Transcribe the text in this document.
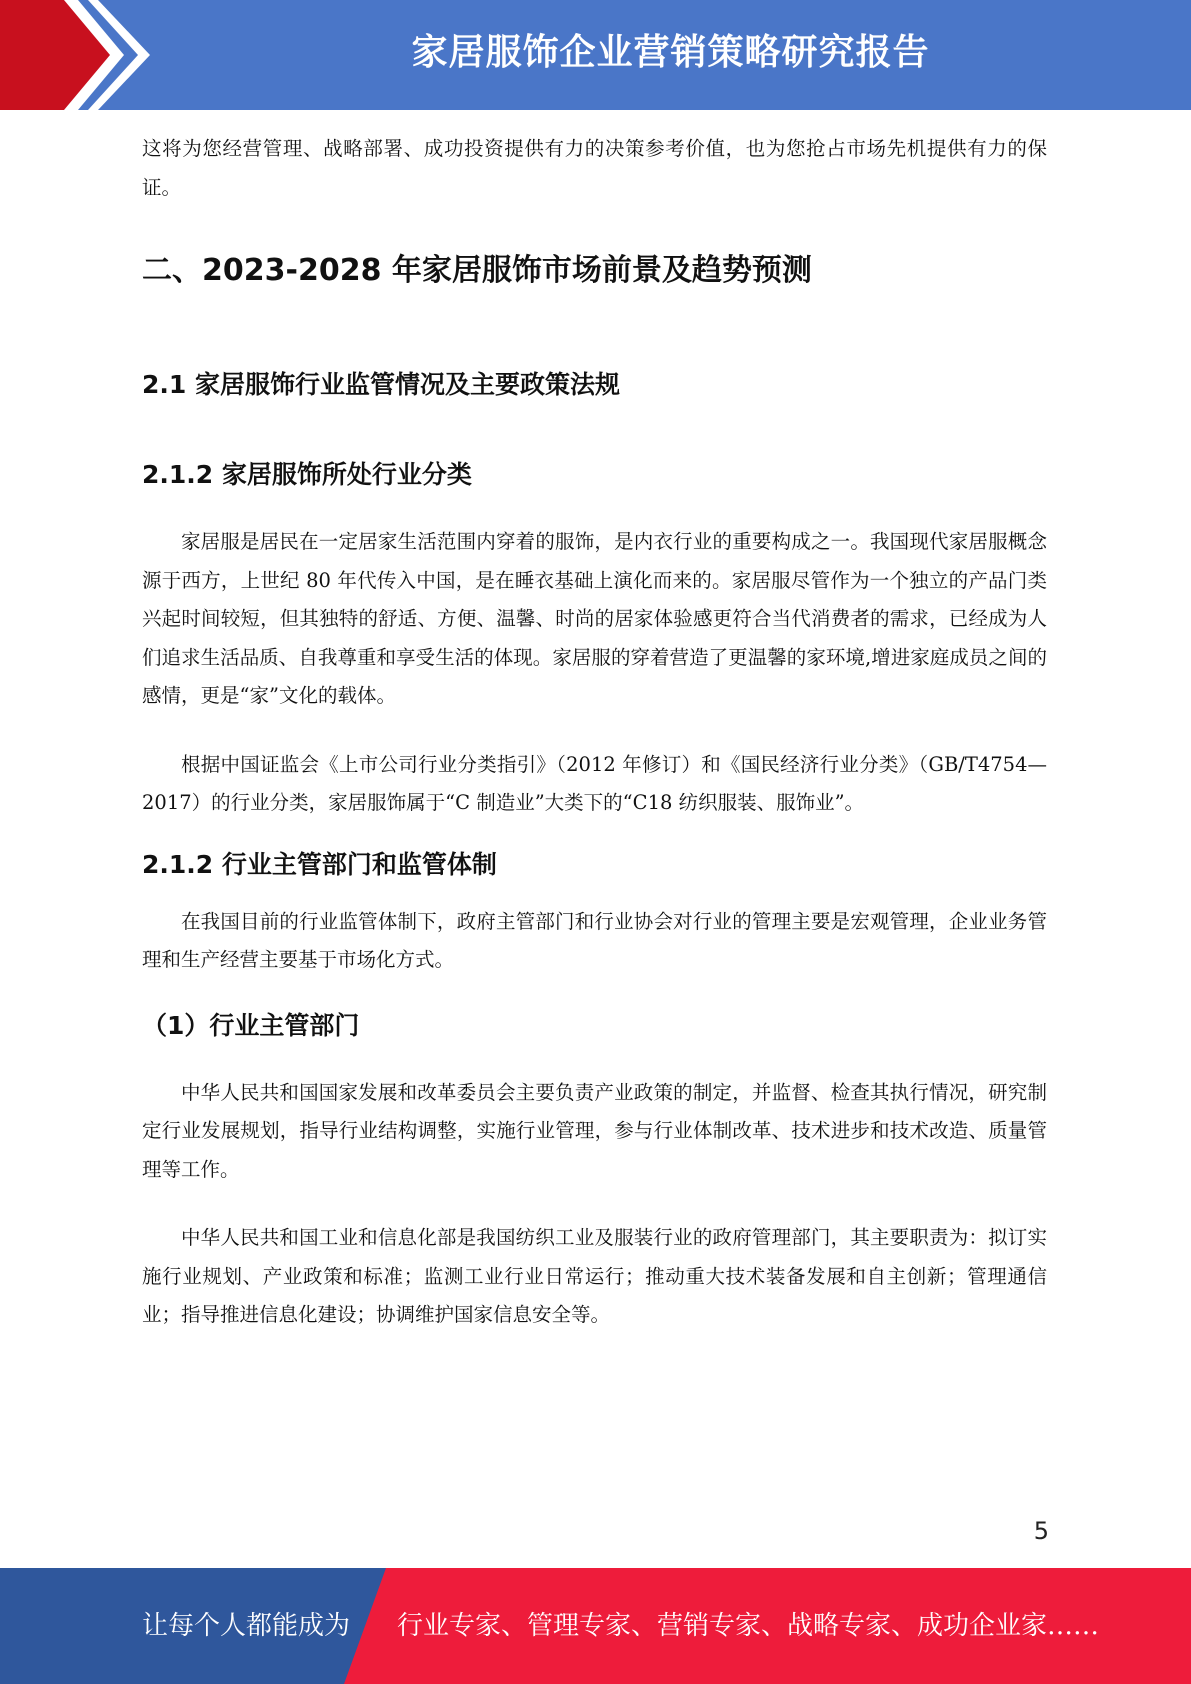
家居服饰企业营销策略研究报告

这将为您经营管理、战略部署、成功投资提供有力的决策参考价值，也为您抢占市场先机提供有力的保证。

二、2023-2028 年家居服饰市场前景及趋势预测
2.1 家居服饰行业监管情况及主要政策法规
2.1.2 家居服饰所处行业分类

家居服是居民在一定居家生活范围内穿着的服饰，是内衣行业的重要构成之一。我国现代家居服概念源于西方，上世纪 80 年代传入中国，是在睡衣基础上演化而来的。家居服尽管作为一个独立的产品门类兴起时间较短，但其独特的舒适、方便、温馨、时尚的居家体验感更符合当代消费者的需求，已经成为人们追求生活品质、自我尊重和享受生活的体现。家居服的穿着营造了更温馨的家环境,增进家庭成员之间的感情，更是“家”文化的载体。

根据中国证监会《上市公司行业分类指引》（2012 年修订）和《国民经济行业分类》（GB/T4754—2017）的行业分类，家居服饰属于“C 制造业”大类下的“C18 纺织服装、服饰业”。

2.1.2 行业主管部门和监管体制

在我国目前的行业监管体制下，政府主管部门和行业协会对行业的管理主要是宏观管理，企业业务管理和生产经营主要基于市场化方式。

（1）行业主管部门

中华人民共和国国家发展和改革委员会主要负责产业政策的制定，并监督、检查其执行情况，研究制定行业发展规划，指导行业结构调整，实施行业管理，参与行业体制改革、技术进步和技术改造、质量管理等工作。

中华人民共和国工业和信息化部是我国纺织工业及服装行业的政府管理部门，其主要职责为：拟订实施行业规划、产业政策和标准；监测工业行业日常运行；推动重大技术装备发展和自主创新；管理通信业；指导推进信息化建设；协调维护国家信息安全等。

5
让每个人都能成为 行业专家、管理专家、营销专家、战略专家、成功企业家……
